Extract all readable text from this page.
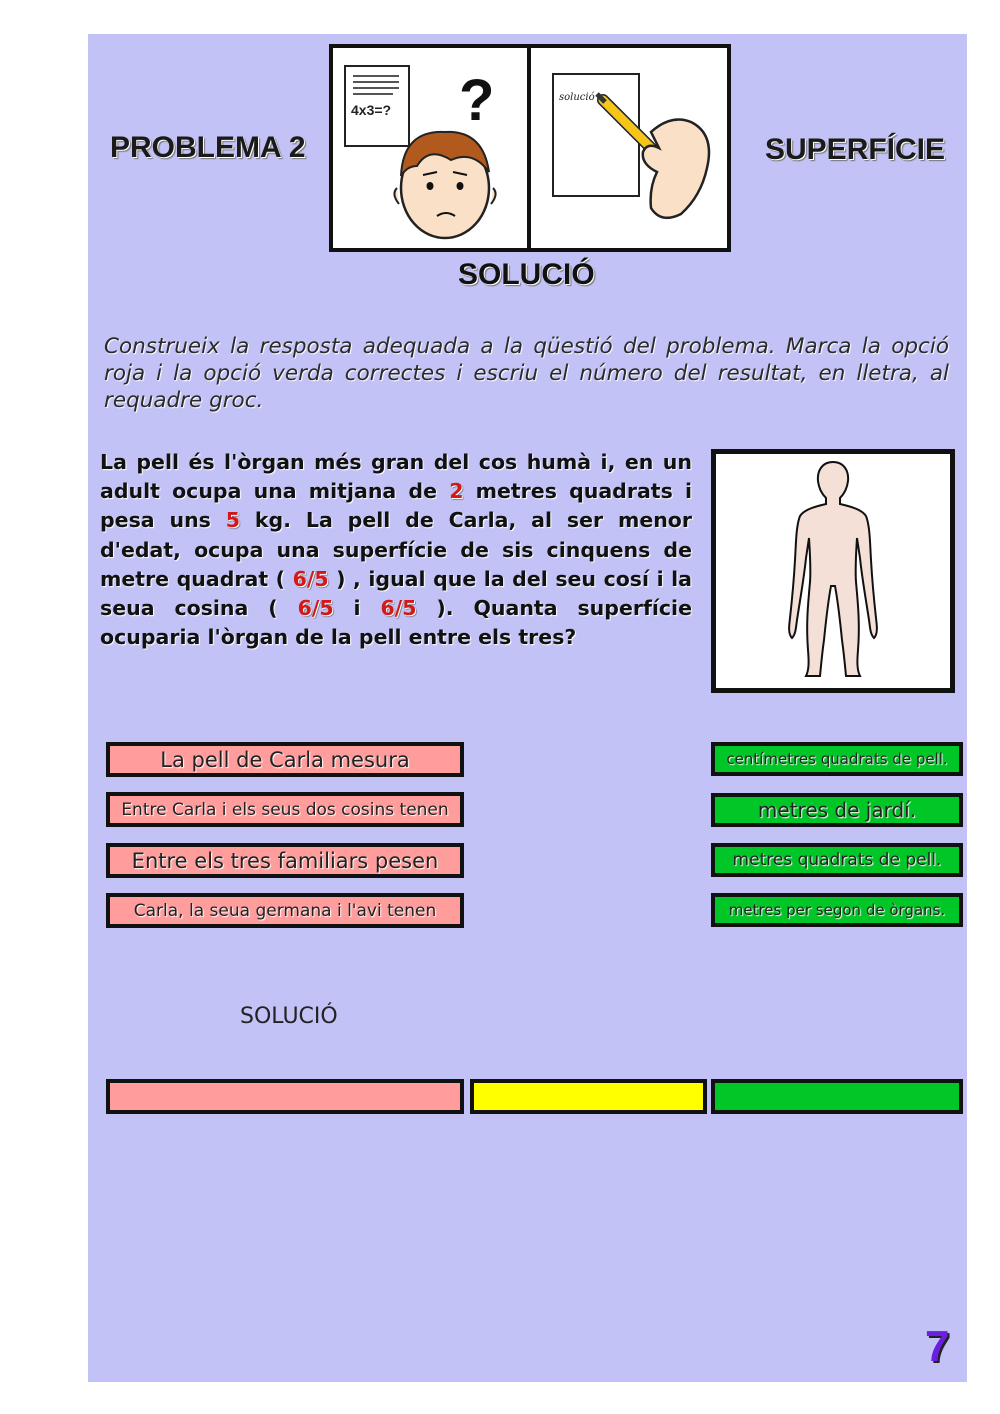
PROBLEMA 2	SUPERFÍCIE
4x3=? ?	solució
SOLUCIÓ
Construeix la resposta adequada a la qüestió del problema. Marca la opció roja i la opció verda correctes i escriu el número del resultat, en lletra, al requadre groc.
La pell és l'òrgan més gran del cos humà i, en un adult ocupa una mitjana de 2 metres quadrats i pesa uns 5 kg. La pell de Carla, al ser menor d'edat, ocupa una superfície de sis cinquens de metre quadrat ( 6/5 ) , igual que la del seu cosí i la seua cosina ( 6/5 i 6/5 ). Quanta superfície ocuparia l'òrgan de la pell entre els tres?
La pell de Carla mesura
Entre Carla i els seus dos cosins tenen
Entre els tres familiars pesen
Carla, la seua germana i l'avi tenen
centímetres quadrats de pell.
metres de jardí.
metres quadrats de pell.
metres per segon de òrgans.
SOLUCIÓ
7
